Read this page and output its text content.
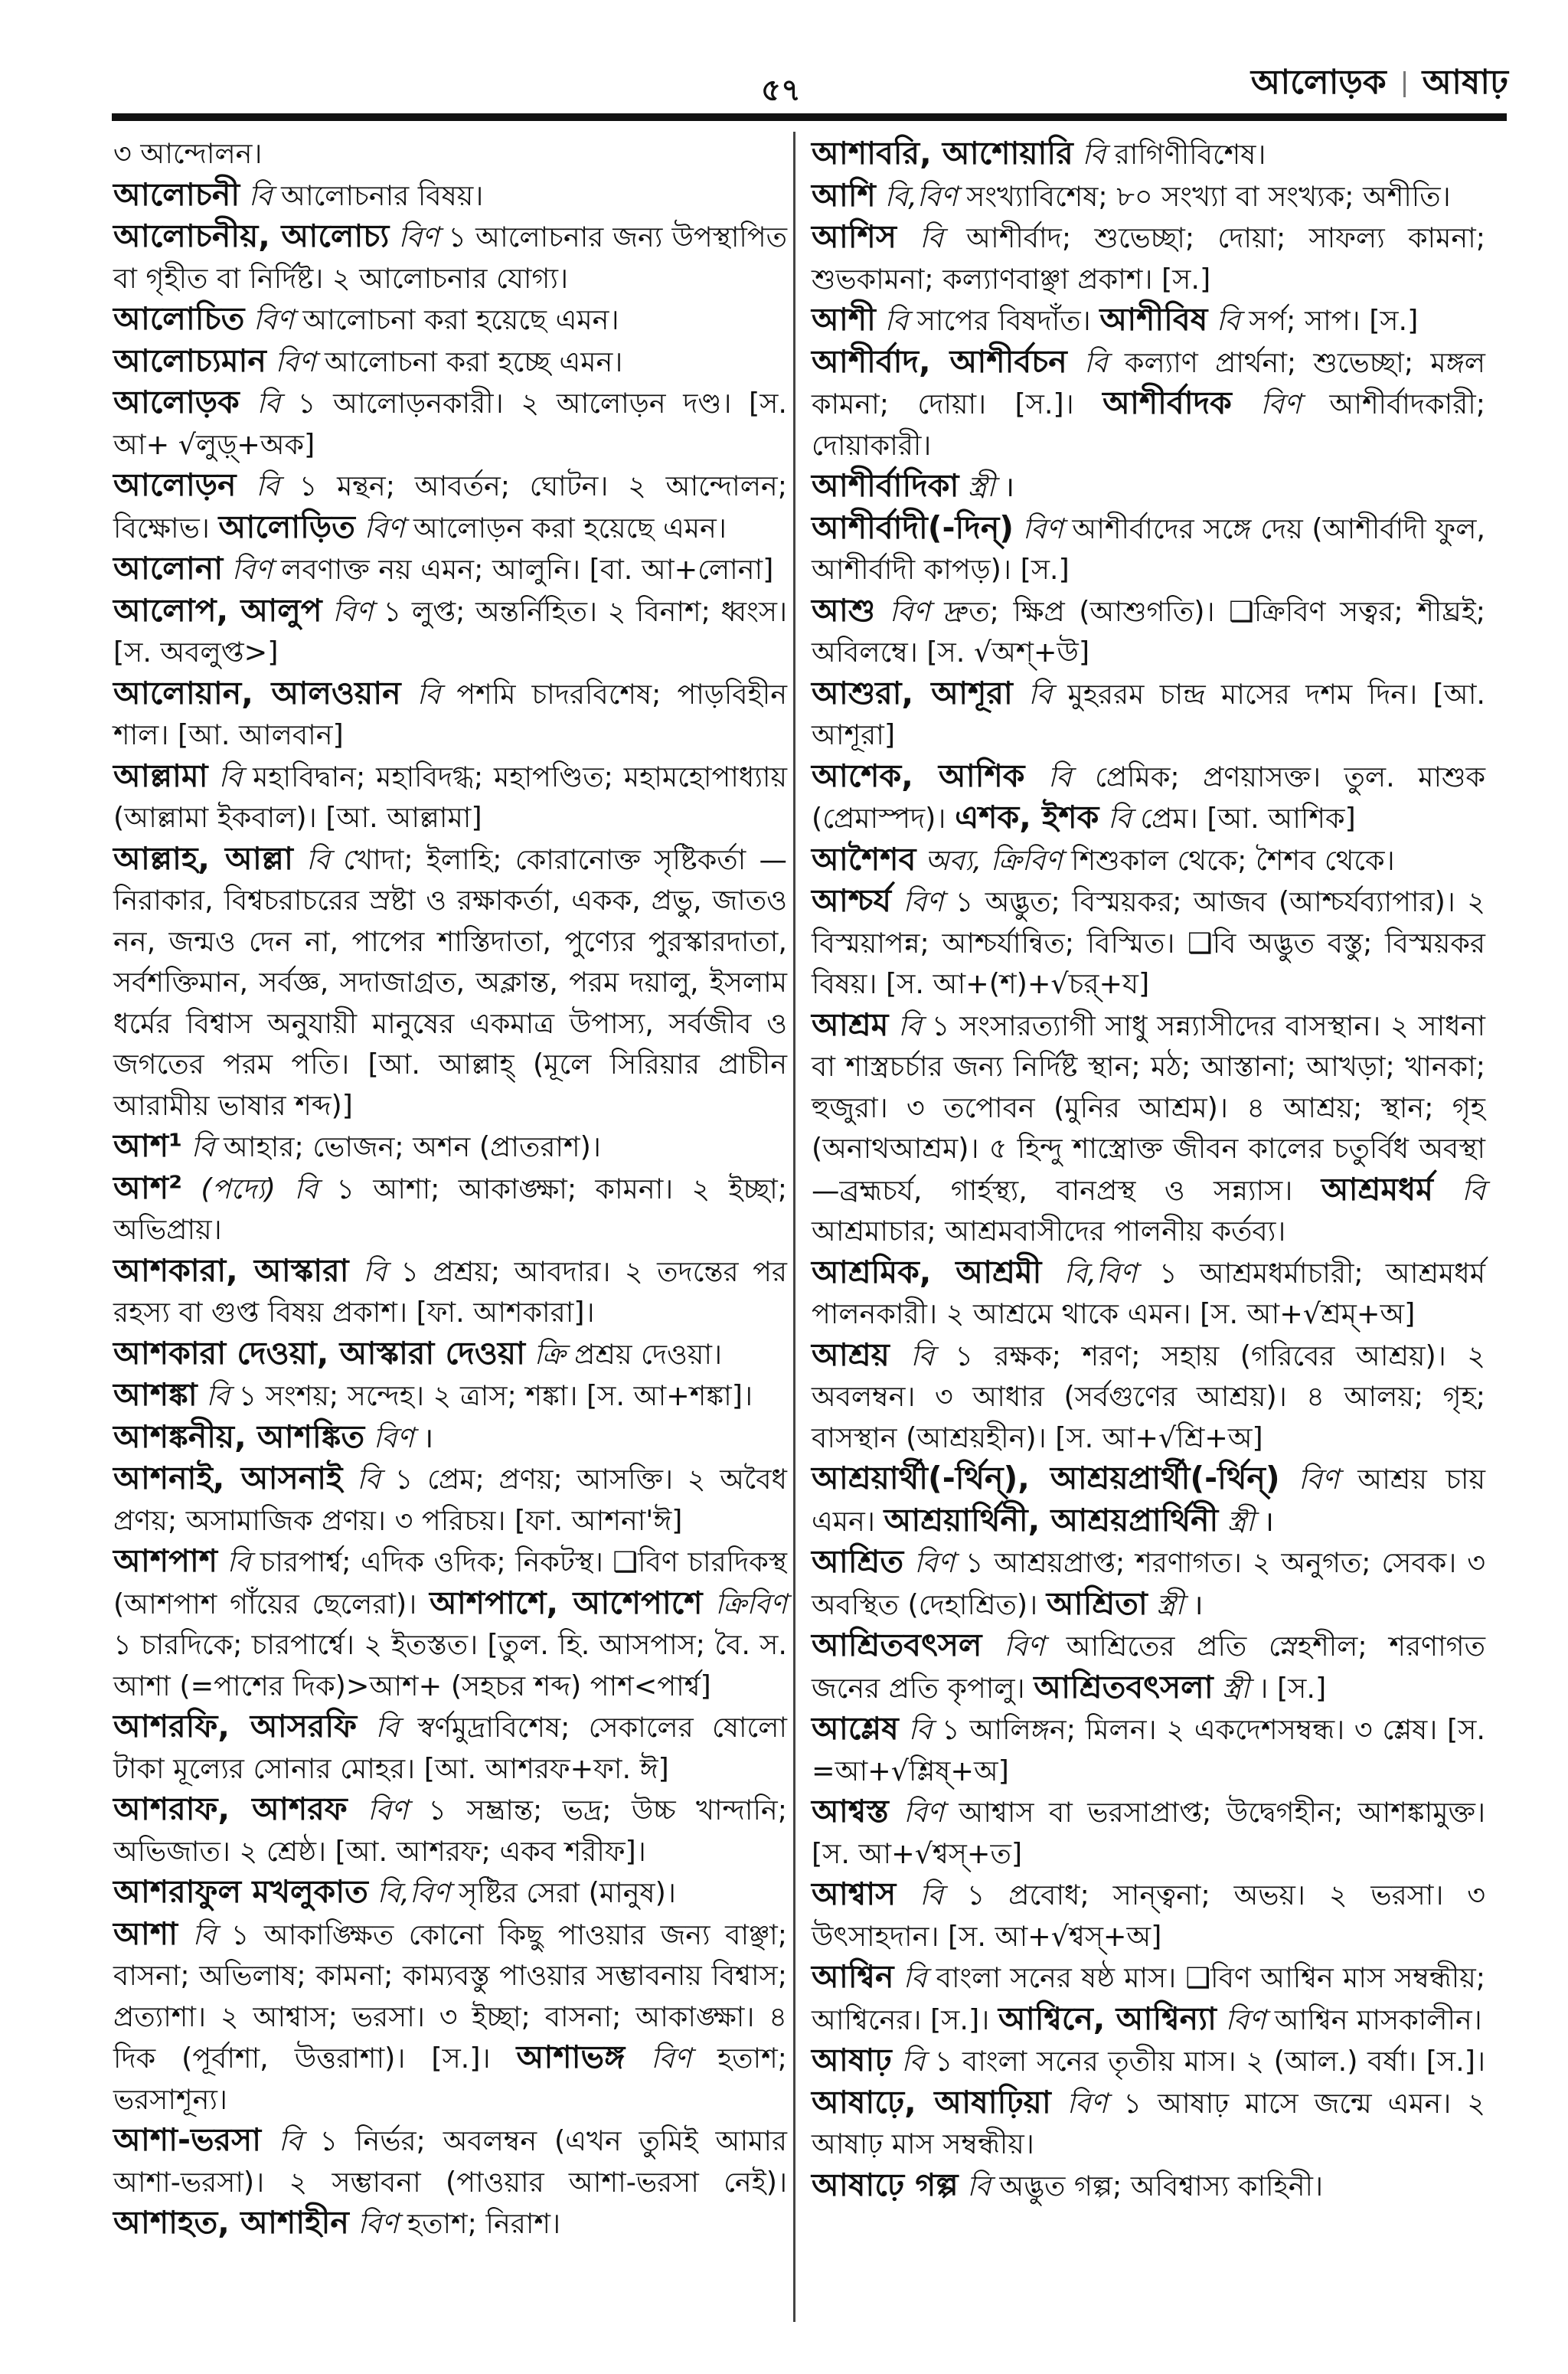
৫৭	আলোড়ক আষাঢ়

৩ আন্দোলন।

আলোচনী বি আলোচনার বিষয়।

আলোচনীয়, আলোচ্য বিণ ১ আলোচনার জন্য উপস্থাপিত বা গৃহীত বা নির্দিষ্ট। ২ আলোচনার যোগ্য।

আলোচিত বিণ আলোচনা করা হয়েছে এমন।

আলোচ্যমান বিণ আলোচনা করা হচ্ছে এমন।

আলোড়ক বি ১ আলোড়নকারী। ২ আলোড়ন দণ্ড। [স. আ+ √লুড়্+অক]

আলোড়ন বি ১ মন্থন; আবর্তন; ঘোটন। ২ আন্দোলন; বিক্ষোভ। আলোড়িত বিণ আলোড়ন করা হয়েছে এমন।

আলোনা বিণ লবণাক্ত নয় এমন; আলুনি। [বা. আ+লোনা]

আলোপ, আলুপ বিণ ১ লুপ্ত; অন্তর্নিহিত। ২ বিনাশ; ধ্বংস। [স. অবলুপ্ত>]

আলোয়ান, আলওয়ান বি পশমি চাদরবিশেষ; পাড়বিহীন শাল। [আ. আলবান]

আল্লামা বি মহাবিদ্বান; মহাবিদগ্ধ; মহাপণ্ডিত; মহামহোপাধ্যায় (আল্লামা ইকবাল)। [আ. আল্লামা]

আল্লাহ, আল্লা বি খোদা; ইলাহি; কোরানোক্ত সৃষ্টিকর্তা —নিরাকার, বিশ্বচরাচরের স্রষ্টা ও রক্ষাকর্তা, একক, প্রভু, জাতও নন, জন্মও দেন না, পাপের শাস্তিদাতা, পুণ্যের পুরস্কারদাতা, সর্বশক্তিমান, সর্বজ্ঞ, সদাজাগ্রত, অক্লান্ত, পরম দয়ালু, ইসলাম ধর্মের বিশ্বাস অনুযায়ী মানুষের একমাত্র উপাস্য, সর্বজীব ও জগতের পরম পতি। [আ. আল্লাহ্ (মূলে সিরিয়ার প্রাচীন আরামীয় ভাষার শব্দ)]

আশ¹ বি আহার; ভোজন; অশন (প্রাতরাশ)।

আশ² (পদ্যে) বি ১ আশা; আকাঙ্ক্ষা; কামনা। ২ ইচ্ছা; অভিপ্রায়।

আশকারা, আস্কারা বি ১ প্রশ্রয়; আবদার। ২ তদন্তের পর রহস্য বা গুপ্ত বিষয় প্রকাশ। [ফা. আশকারা]।

আশকারা দেওয়া, আস্কারা দেওয়া ক্রি প্রশ্রয় দেওয়া।

আশঙ্কা বি ১ সংশয়; সন্দেহ। ২ ত্রাস; শঙ্কা। [স. আ+শঙ্কা]।

আশঙ্কনীয়, আশঙ্কিত বিণ ।

আশনাই, আসনাই বি ১ প্রেম; প্রণয়; আসক্তি। ২ অবৈধ প্রণয়; অসামাজিক প্রণয়। ৩ পরিচয়। [ফা. আশনা'ঈ]

আশপাশ বি চারপার্শ্ব; এদিক ওদিক; নিকটস্থ। ❑বিণ চারদিকস্থ (আশপাশ গাঁয়ের ছেলেরা)। আশপাশে, আশেপাশে ক্রিবিণ ১ চারদিকে; চারপার্শ্বে। ২ ইতস্তত। [তুল. হি. আসপাস; বৈ. স. আশা (=পাশের দিক)>আশ+ (সহচর শব্দ) পাশ<পার্শ্ব]

আশরফি, আসরফি বি স্বর্ণমুদ্রাবিশেষ; সেকালের ষোলো টাকা মূল্যের সোনার মোহর। [আ. আশরফ+ফা. ঈ]

আশরাফ, আশরফ বিণ ১ সম্ভ্রান্ত; ভদ্র; উচ্চ খান্দানি; অভিজাত। ২ শ্রেষ্ঠ। [আ. আশরফ; একব শরীফ]।

আশরাফুল মখলুকাত বি,বিণ সৃষ্টির সেরা (মানুষ)।

আশা বি ১ আকাঙ্ক্ষিত কোনো কিছু পাওয়ার জন্য বাঞ্ছা; বাসনা; অভিলাষ; কামনা; কাম্যবস্তু পাওয়ার সম্ভাবনায় বিশ্বাস; প্রত্যাশা। ২ আশ্বাস; ভরসা। ৩ ইচ্ছা; বাসনা; আকাঙ্ক্ষা। ৪ দিক (পূর্বাশা, উত্তরাশা)। [স.]। আশাভঙ্গ বিণ হতাশ; ভরসাশূন্য।

আশা-ভরসা বি ১ নির্ভর; অবলম্বন (এখন তুমিই আমার আশা-ভরসা)। ২ সম্ভাবনা (পাওয়ার আশা-ভরসা নেই)। আশাহত, আশাহীন বিণ হতাশ; নিরাশ।

আশাবরি, আশোয়ারি বি রাগিণীবিশেষ।

আশি বি,বিণ সংখ্যাবিশেষ; ৮০ সংখ্যা বা সংখ্যক; অশীতি।

আশিস বি আশীর্বাদ; শুভেচ্ছা; দোয়া; সাফল্য কামনা; শুভকামনা; কল্যাণবাঞ্ছা প্রকাশ। [স.]

আশী বি সাপের বিষদাঁত। আশীবিষ বি সর্প; সাপ। [স.]

আশীর্বাদ, আশীর্বচন বি কল্যাণ প্রার্থনা; শুভেচ্ছা; মঙ্গল কামনা; দোয়া। [স.]। আশীর্বাদক বিণ আশীর্বাদকারী; দোয়াকারী।

আশীর্বাদিকা স্ত্রী ।

আশীর্বাদী(-দিন্) বিণ আশীর্বাদের সঙ্গে দেয় (আশীর্বাদী ফুল, আশীর্বাদী কাপড়)। [স.]

আশু বিণ দ্রুত; ক্ষিপ্র (আশুগতি)। ❑ক্রিবিণ সত্বর; শীঘ্রই; অবিলম্বে। [স. √অশ্+উ]

আশুরা, আশূরা বি মুহররম চান্দ্র মাসের দশম দিন। [আ. আশূরা]

আশেক, আশিক বি প্রেমিক; প্রণয়াসক্ত। তুল. মাশুক (প্রেমাস্পদ)। এশক, ইশক বি প্রেম। [আ. আশিক]

আশৈশব অব্য, ক্রিবিণ শিশুকাল থেকে; শৈশব থেকে।

আশ্চর্য বিণ ১ অদ্ভুত; বিস্ময়কর; আজব (আশ্চর্যব্যাপার)। ২ বিস্ময়াপন্ন; আশ্চর্যান্বিত; বিস্মিত। ❑বি অদ্ভুত বস্তু; বিস্ময়কর বিষয়। [স. আ+(শ)+√চর্+য]

আশ্রম বি ১ সংসারত্যাগী সাধু সন্ন্যাসীদের বাসস্থান। ২ সাধনা বা শাস্ত্রচর্চার জন্য নির্দিষ্ট স্থান; মঠ; আস্তানা; আখড়া; খানকা; হুজুরা। ৩ তপোবন (মুনির আশ্রম)। ৪ আশ্রয়; স্থান; গৃহ (অনাথআশ্রম)। ৫ হিন্দু শাস্ত্রোক্ত জীবন কালের চতুর্বিধ অবস্থা—ব্রহ্মচর্য, গার্হস্থ্য, বানপ্রস্থ ও সন্ন্যাস। আশ্রমধর্ম বি আশ্রমাচার; আশ্রমবাসীদের পালনীয় কর্তব্য।

আশ্রমিক, আশ্রমী বি,বিণ ১ আশ্রমধর্মাচারী; আশ্রমধর্ম পালনকারী। ২ আশ্রমে থাকে এমন। [স. আ+√শ্রম্+অ]

আশ্রয় বি ১ রক্ষক; শরণ; সহায় (গরিবের আশ্রয়)। ২ অবলম্বন। ৩ আধার (সর্বগুণের আশ্রয়)। ৪ আলয়; গৃহ; বাসস্থান (আশ্রয়হীন)। [স. আ+√শ্রি+অ]

আশ্রয়ার্থী(-র্থিন্), আশ্রয়প্রার্থী(-র্থিন্) বিণ আশ্রয় চায় এমন। আশ্রয়ার্থিনী, আশ্রয়প্রার্থিনী স্ত্রী ।

আশ্রিত বিণ ১ আশ্রয়প্রাপ্ত; শরণাগত। ২ অনুগত; সেবক। ৩ অবস্থিত (দেহাশ্রিত)। আশ্রিতা স্ত্রী ।

আশ্রিতবৎসল বিণ আশ্রিতের প্রতি স্নেহশীল; শরণাগত জনের প্রতি কৃপালু। আশ্রিতবৎসলা স্ত্রী । [স.]

আশ্লেষ বি ১ আলিঙ্গন; মিলন। ২ একদেশসম্বন্ধ। ৩ শ্লেষ। [স. =আ+√শ্লিষ্+অ]

আশ্বস্ত বিণ আশ্বাস বা ভরসাপ্রাপ্ত; উদ্বেগহীন; আশঙ্কামুক্ত। [স. আ+√শ্বস্+ত]

আশ্বাস বি ১ প্রবোধ; সান্ত্বনা; অভয়। ২ ভরসা। ৩ উৎসাহদান। [স. আ+√শ্বস্+অ]

আশ্বিন বি বাংলা সনের ষষ্ঠ মাস। ❑বিণ আশ্বিন মাস সম্বন্ধীয়; আশ্বিনের। [স.]। আশ্বিনে, আশ্বিন্যা বিণ আশ্বিন মাসকালীন।

আষাঢ় বি ১ বাংলা সনের তৃতীয় মাস। ২ (আল.) বর্ষা। [স.]। আষাঢ়ে, আষাঢ়িয়া বিণ ১ আষাঢ় মাসে জন্মে এমন। ২ আষাঢ় মাস সম্বন্ধীয়।

আষাঢ়ে গল্প বি অদ্ভুত গল্প; অবিশ্বাস্য কাহিনী।
